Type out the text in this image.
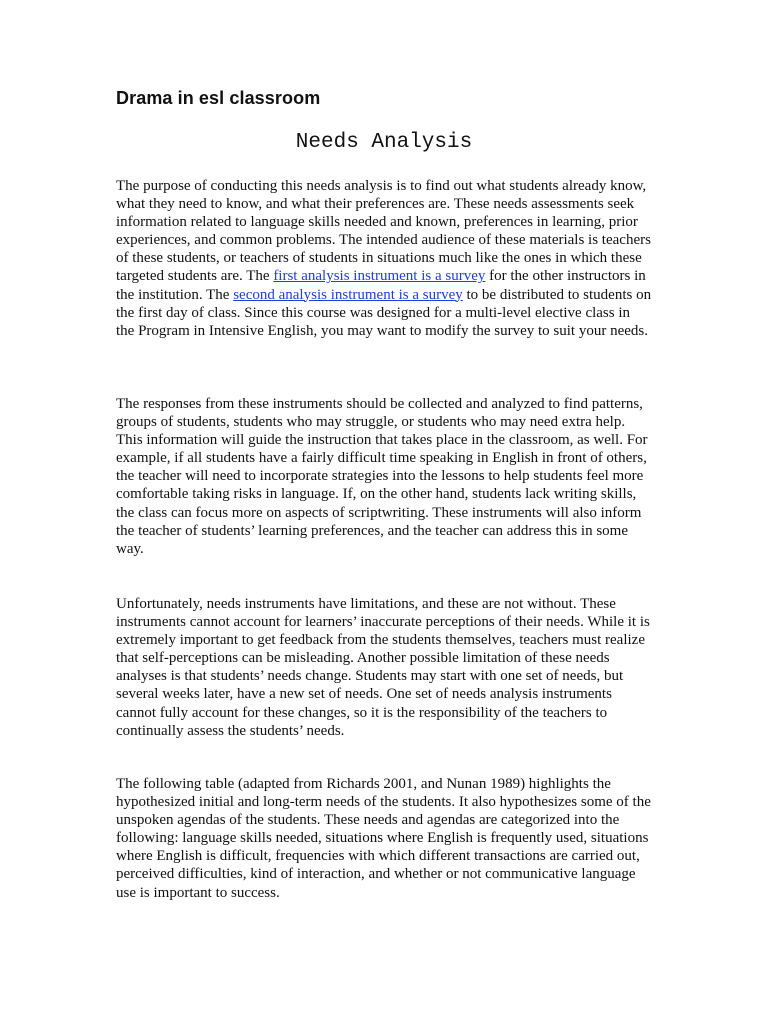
Drama in esl classroom
Needs Analysis

The purpose of conducting this needs analysis is to find out what students already know, what they need to know, and what their preferences are. These needs assessments seek information related to language skills needed and known, preferences in learning, prior experiences, and common problems. The intended audience of these materials is teachers of these students, or teachers of students in situations much like the ones in which these targeted students are. The first analysis instrument is a survey for the other instructors in the institution. The second analysis instrument is a survey to be distributed to students on the first day of class. Since this course was designed for a multi-level elective class in the Program in Intensive English, you may want to modify the survey to suit your needs.

The responses from these instruments should be collected and analyzed to find patterns, groups of students, students who may struggle, or students who may need extra help. This information will guide the instruction that takes place in the classroom, as well. For example, if all students have a fairly difficult time speaking in English in front of others, the teacher will need to incorporate strategies into the lessons to help students feel more comfortable taking risks in language. If, on the other hand, students lack writing skills, the class can focus more on aspects of scriptwriting. These instruments will also inform the teacher of students’ learning preferences, and the teacher can address this in some way.

Unfortunately, needs instruments have limitations, and these are not without. These instruments cannot account for learners’ inaccurate perceptions of their needs. While it is extremely important to get feedback from the students themselves, teachers must realize that self-perceptions can be misleading. Another possible limitation of these needs analyses is that students’ needs change. Students may start with one set of needs, but several weeks later, have a new set of needs. One set of needs analysis instruments cannot fully account for these changes, so it is the responsibility of the teachers to continually assess the students’ needs.

The following table (adapted from Richards 2001, and Nunan 1989) highlights the hypothesized initial and long-term needs of the students. It also hypothesizes some of the unspoken agendas of the students. These needs and agendas are categorized into the following: language skills needed, situations where English is frequently used, situations where English is difficult, frequencies with which different transactions are carried out, perceived difficulties, kind of interaction, and whether or not communicative language use is important to success.
